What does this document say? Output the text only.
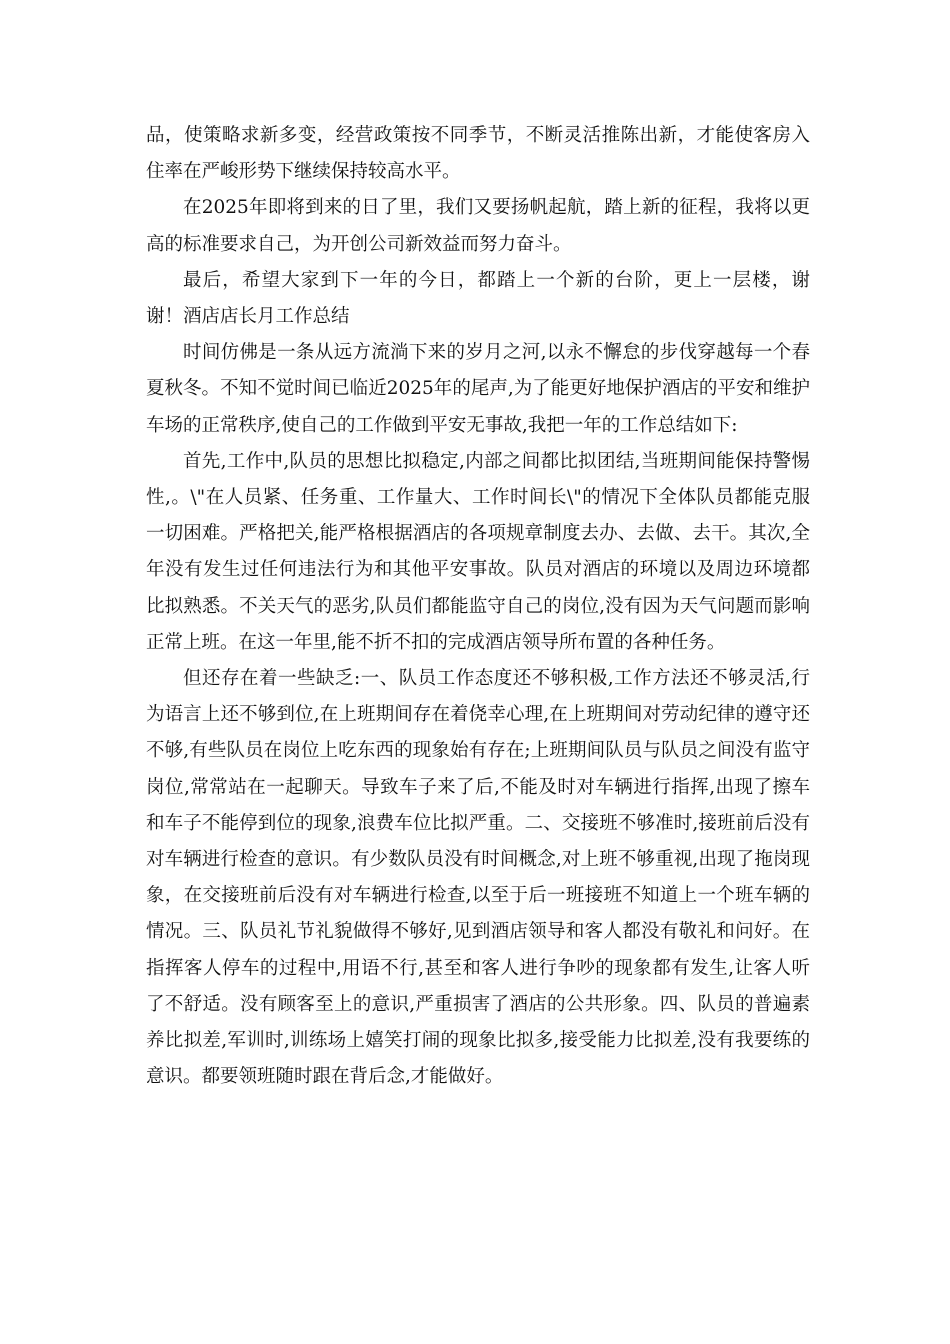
品，使策略求新多变，经营政策按不同季节，不断灵活推陈出新，才能使客房入住率在严峻形势下继续保持较高水平。

在2025年即将到来的日了里，我们又要扬帆起航，踏上新的征程，我将以更高的标准要求自己，为开创公司新效益而努力奋斗。

最后，希望大家到下一年的今日，都踏上一个新的台阶，更上一层楼，谢谢！酒店店长月工作总结

时间仿佛是一条从远方流淌下来的岁月之河,以永不懈怠的步伐穿越每一个春夏秋冬。不知不觉时间已临近2025年的尾声,为了能更好地保护酒店的平安和维护车场的正常秩序,使自己的工作做到平安无事故,我把一年的工作总结如下:

首先,工作中,队员的思想比拟稳定,内部之间都比拟团结,当班期间能保持警惕性,。\"在人员紧、任务重、工作量大、工作时间长\"的情况下全体队员都能克服一切困难。严格把关,能严格根据酒店的各项规章制度去办、去做、去干。其次,全年没有发生过任何违法行为和其他平安事故。队员对酒店的环境以及周边环境都比拟熟悉。不关天气的恶劣,队员们都能监守自己的岗位,没有因为天气问题而影响正常上班。在这一年里,能不折不扣的完成酒店领导所布置的各种任务。

但还存在着一些缺乏:一、队员工作态度还不够积极,工作方法还不够灵活,行为语言上还不够到位,在上班期间存在着侥幸心理,在上班期间对劳动纪律的遵守还不够,有些队员在岗位上吃东西的现象始有存在;上班期间队员与队员之间没有监守岗位,常常站在一起聊天。导致车子来了后,不能及时对车辆进行指挥,出现了擦车和车子不能停到位的现象,浪费车位比拟严重。二、交接班不够准时,接班前后没有对车辆进行检查的意识。有少数队员没有时间概念,对上班不够重视,出现了拖岗现象，在交接班前后没有对车辆进行检查,以至于后一班接班不知道上一个班车辆的情况。三、队员礼节礼貌做得不够好,见到酒店领导和客人都没有敬礼和问好。在指挥客人停车的过程中,用语不行,甚至和客人进行争吵的现象都有发生,让客人听了不舒适。没有顾客至上的意识,严重损害了酒店的公共形象。四、队员的普遍素养比拟差,军训时,训练场上嬉笑打闹的现象比拟多,接受能力比拟差,没有我要练的意识。都要领班随时跟在背后念,才能做好。
